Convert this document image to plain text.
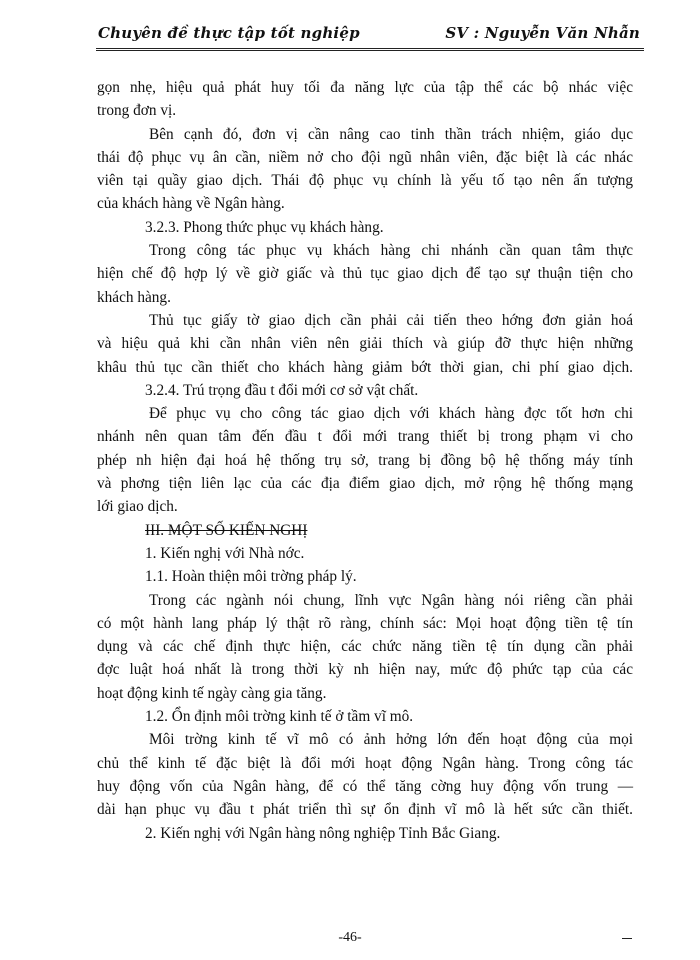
Chuyên đề thực tập tốt nghiệp	SV : Nguyễn Văn Nhẫn
gọn nhẹ, hiệu quả phát huy tối đa năng lực của tập thể các bộ nhác việc
trong đơn vị.
Bên cạnh đó, đơn vị cần nâng cao tinh thần trách nhiệm, giáo dục
thái độ phục vụ ân cần, niềm nở cho đội ngũ nhân viên, đặc biệt là các nhác
viên tại quầy giao dịch. Thái độ phục vụ chính là yếu tố tạo nên ấn tượng
của khách hàng về Ngân hàng.
3.2.3. Phong thức phục vụ khách hàng.
Trong công tác phục vụ khách hàng chi nhánh cần quan tâm thực
hiện chế độ hợp lý về giờ giấc và thủ tục giao dịch để tạo sự thuận tiện cho
khách hàng.
Thủ tục giấy tờ giao dịch cần phải cải tiến theo hớng đơn giản hoá
và hiệu quả khi cần nhân viên nên giải thích và giúp đỡ thực hiện những
khâu thủ tục cần thiết cho khách hàng giảm bớt thời gian, chi phí giao dịch.
3.2.4. Trú trọng đầu t đổi mới cơ sở vật chất.
Để phục vụ cho công tác giao dịch với khách hàng đợc tốt hơn chi
nhánh nên quan tâm đến đầu t đổi mới trang thiết bị trong phạm vi cho
phép nh hiện đại hoá hệ thống trụ sở, trang bị đồng bộ hệ thống máy tính
và phơng tiện liên lạc của các địa điểm giao dịch, mở rộng hệ thống mạng
lới giao dịch.
III. MỘT SỐ KIẾN NGHỊ
1. Kiến nghị với Nhà nớc.
1.1. Hoàn thiện môi trờng pháp lý.
Trong các ngành nói chung, lĩnh vực Ngân hàng nói riêng cần phải
có một hành lang pháp lý thật rõ ràng, chính sác: Mọi hoạt động tiền tệ tín
dụng và các chế định thực hiện, các chức năng tiền tệ tín dụng cần phải
đợc luật hoá nhất là trong thời kỳ nh hiện nay, mức độ phức tạp của các
hoạt động kinh tế ngày càng gia tăng.
1.2. Ổn định môi trờng kinh tế ở tầm vĩ mô.
Môi trờng kinh tế vĩ mô có ảnh hởng lớn đến hoạt động của mọi
chủ thể kinh tế đặc biệt là đổi mới hoạt động Ngân hàng. Trong công tác
huy động vốn của Ngân hàng, để có thể tăng cờng huy động vốn trung —
dài hạn phục vụ đầu t phát triển thì sự ổn định vĩ mô là hết sức cần thiết.
2. Kiến nghị với Ngân hàng nông nghiệp Tỉnh Bắc Giang.
-46-
